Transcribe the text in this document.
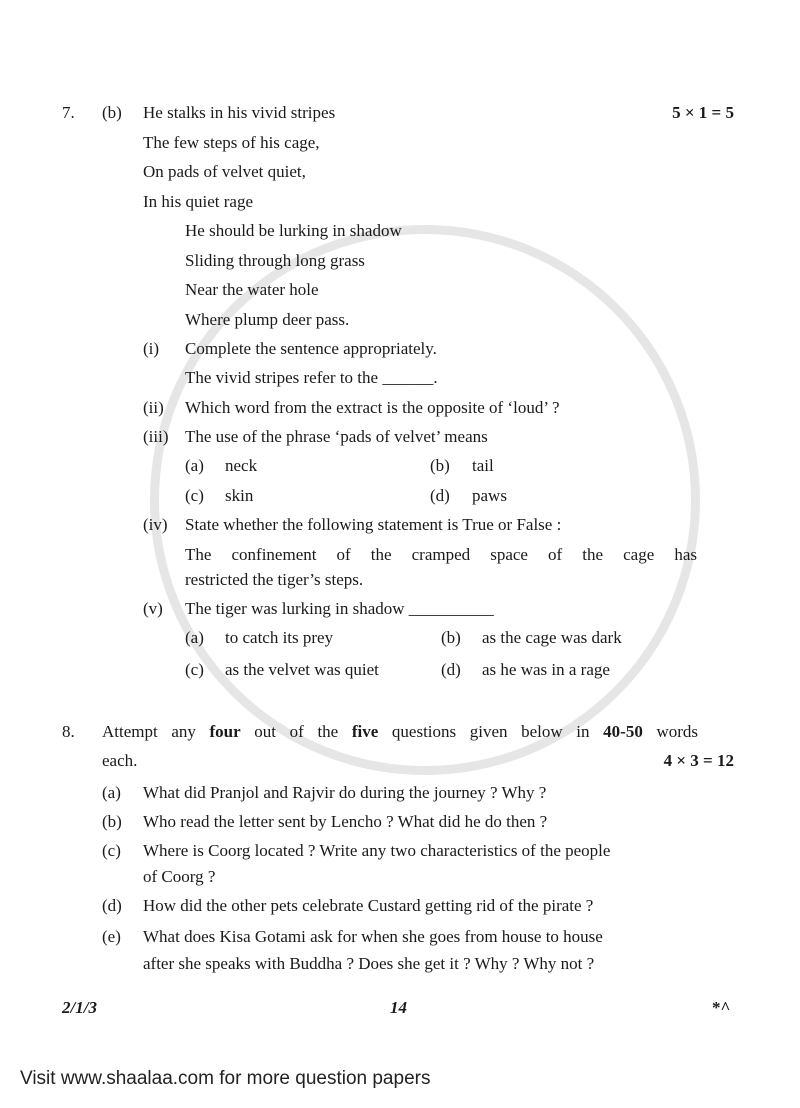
7. (b)	5 × 1 = 5
He stalks in his vivid stripes
The few steps of his cage,
On pads of velvet quiet,
In his quiet rage
He should be lurking in shadow
Sliding through long grass
Near the water hole
Where plump deer pass.
(i) Complete the sentence appropriately.
The vivid stripes refer to the ______.
(ii) Which word from the extract is the opposite of ‘loud’ ?
(iii) The use of the phrase ‘pads of velvet’ means
(a) neck	(b) tail
(c) skin	(d) paws
(iv) State whether the following statement is True or False :
The confinement of the cramped space of the cage has
restricted the tiger’s steps.
(v) The tiger was lurking in shadow __________
(a) to catch its prey	(b) as the cage was dark
(c) as the velvet was quiet	(d) as he was in a rage
8. Attempt any four out of the five questions given below in 40-50 words
each.	4 × 3 = 12
(a) What did Pranjol and Rajvir do during the journey ? Why ?
(b) Who read the letter sent by Lencho ? What did he do then ?
(c) Where is Coorg located ? Write any two characteristics of the people
of Coorg ?
(d) How did the other pets celebrate Custard getting rid of the pirate ?
(e) What does Kisa Gotami ask for when she goes from house to house
after she speaks with Buddha ? Does she get it ? Why ? Why not ?
2/1/3	14	*^
Visit www.shaalaa.com for more question papers
